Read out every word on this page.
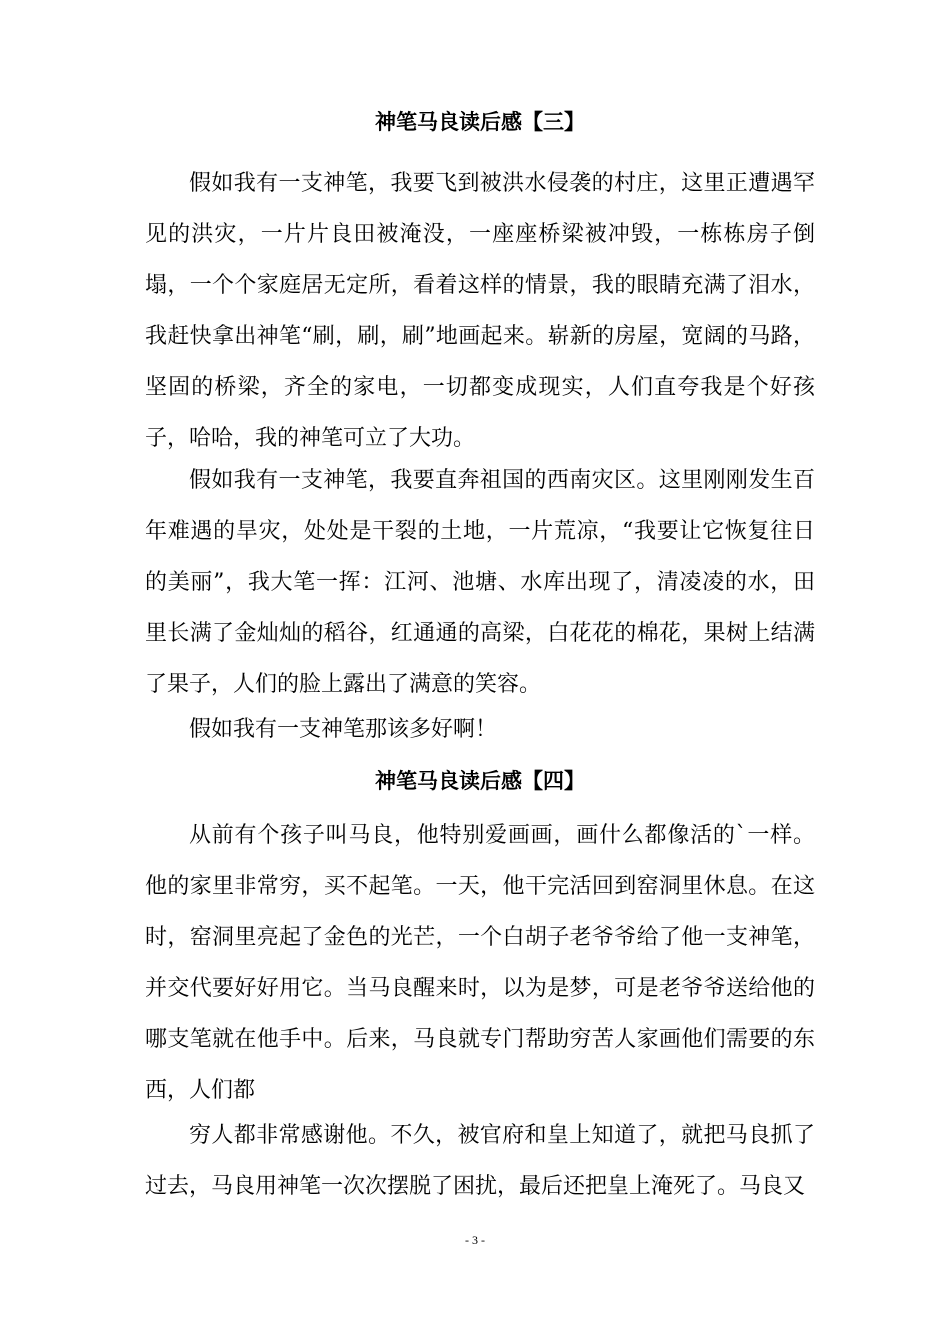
神笔马良读后感【三】

假如我有一支神笔，我要飞到被洪水侵袭的村庄，这里正遭遇罕见的洪灾，一片片良田被淹没，一座座桥梁被冲毁，一栋栋房子倒塌，一个个家庭居无定所，看着这样的情景，我的眼睛充满了泪水，我赶快拿出神笔“刷，刷，刷”地画起来。崭新的房屋，宽阔的马路，坚固的桥梁，齐全的家电，一切都变成现实，人们直夸我是个好孩子，哈哈，我的神笔可立了大功。

假如我有一支神笔，我要直奔祖国的西南灾区。这里刚刚发生百年难遇的旱灾，处处是干裂的土地，一片荒凉，“我要让它恢复往日的美丽”，我大笔一挥：江河、池塘、水库出现了，清凌凌的水，田里长满了金灿灿的稻谷，红通通的高梁，白花花的棉花，果树上结满了果子，人们的脸上露出了满意的笑容。

假如我有一支神笔那该多好啊！

神笔马良读后感【四】

从前有个孩子叫马良，他特别爱画画，画什么都像活的`一样。他的家里非常穷，买不起笔。一天，他干完活回到窑洞里休息。在这时，窑洞里亮起了金色的光芒，一个白胡子老爷爷给了他一支神笔，并交代要好好用它。当马良醒来时，以为是梦，可是老爷爷送给他的哪支笔就在他手中。后来，马良就专门帮助穷苦人家画他们需要的东西，人们都

穷人都非常感谢他。不久，被官府和皇上知道了，就把马良抓了过去，马良用神笔一次次摆脱了困扰，最后还把皇上淹死了。马良又

- 3 -
